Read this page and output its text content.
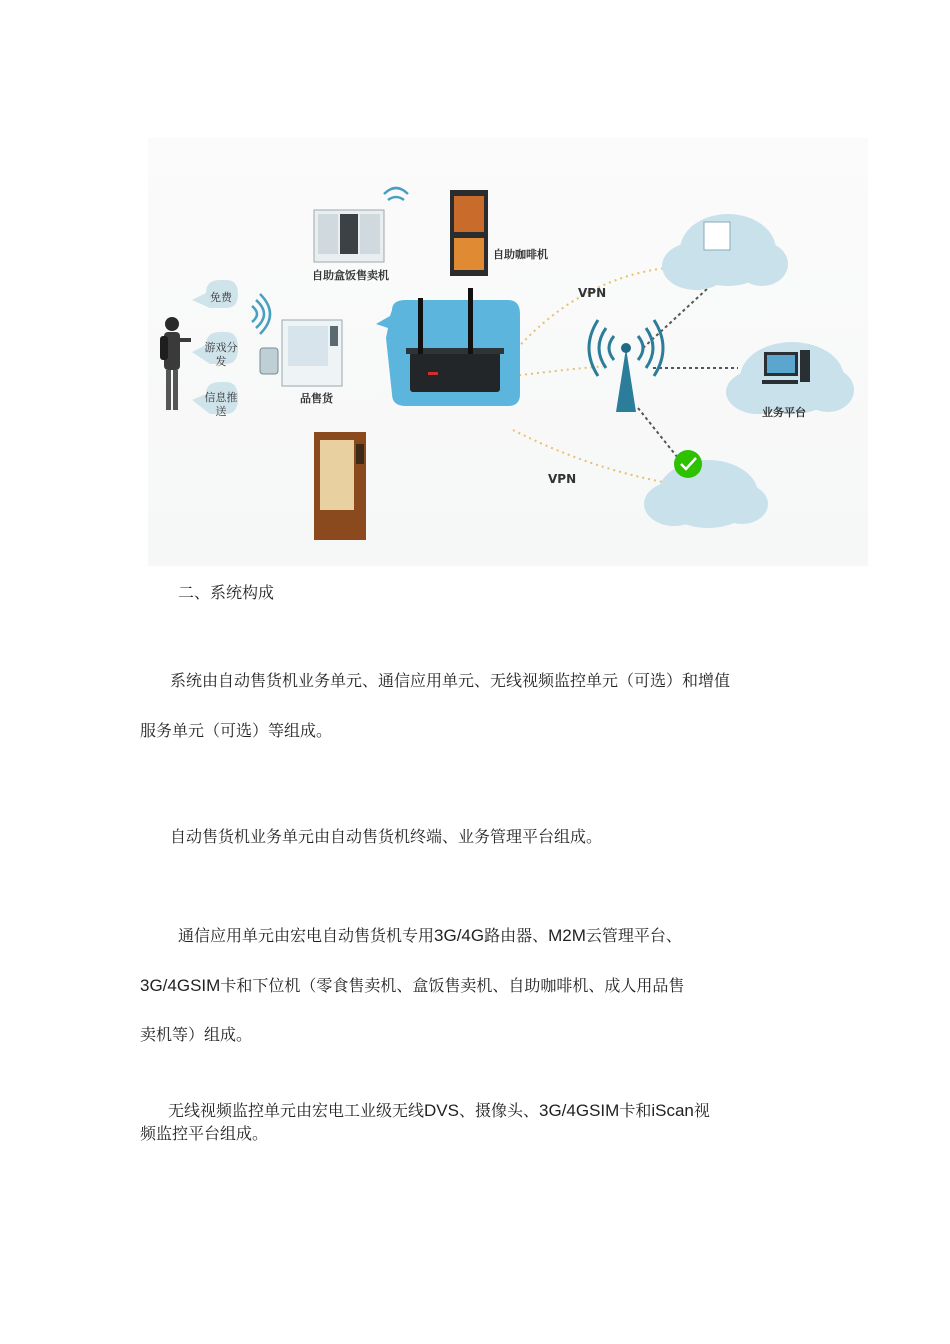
自助盒饭售卖机
自助咖啡机
品售货
业务平台
VPN
VPN
免费
游戏分发
信息推送
二、系统构成
系统由自动售货机业务单元、通信应用单元、无线视频监控单元（可选）和增值
服务单元（可选）等组成。
自动售货机业务单元由自动售货机终端、业务管理平台组成。
通信应用单元由宏电自动售货机专用3G/4G路由器、M2M云管理平台、
3G/4GSIM卡和下位机（零食售卖机、盒饭售卖机、自助咖啡机、成人用品售
卖机等）组成。
无线视频监控单元由宏电工业级无线DVS、摄像头、3G/4GSIM卡和iScan视
频监控平台组成。
